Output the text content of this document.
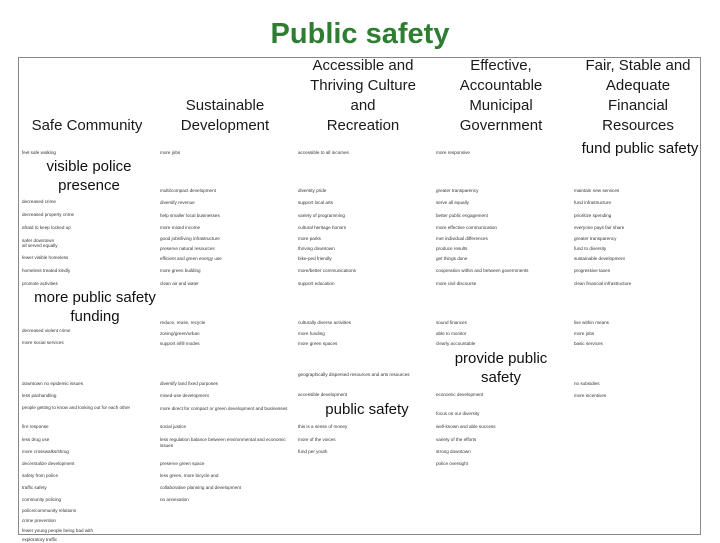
Public safety
Safe Community
feel safe walking
decreased crime
decreased property crime
afraid to keep locked up
safer downtown
all served equally
fewer visible homeless
homeless treated kindly
promote activities
decreased violent crime
more social services
downtown no epidemic issues
less panhandling
people getting to know and looking out for each other
fire response
less drug use
more crosswalks/shrug
decentralize development
safety from police
traffic safety
community policing
police/community relations
crime prevention
fewer young people being bad with
exploratory traffic
visible police presence
more public safety funding
Sustainable
Development
more jobs
multi/compact development
diversify revenue
help smaller local businesses
more mixed income
good jobs/living infrastructure
preserve natural resources
efficient and green energy use
more green building
clean air and water
reduce, reuse, recycle
zoning/green/urban
support infill modes
diversify land fixed purposes
mixed-use development
more direct for compact or green development and businesses
social justice
less regulation balance between environmental and economic issues
preserve green space
less green, more bicycle and
collaborative planning and development
no annexation
Accessible and
Thriving Culture and
Recreation
accessible to all incomes
diversity pride
support local arts
variety of programming
cultural heritage honors
more parks
thriving downtown
bike-ped friendly
more/better communications
support education
culturally diverse activities
more funding
more green spaces
geographically dispersed resources and arts resources
accessible development
this is a sense of money
more of the voices
fund per youth
public safety
Effective,
Accountable
Municipal
Government
more responsive
greater transparency
serve all equally
better public engagement
more effective communication
met individual differences
produce results
get things done
cooperation within and between governments
more civil discourse
sound finances
able to monitor
clearly accountable
economic development
focus on our diversity
well-known and able success
variety of the efforts
strong downtown
police oversight
provide public safety
Fair, Stable and
Adequate Financial
Resources
maintain new services
fund infrastructure
prioritize spending
everyone pays fair share
greater transparency
fund to diversity
sustainable development
progressive taxes
clean financial infrastructure
live within means
more jobs
basic services
no subsidies
more incentives
fund public safety
